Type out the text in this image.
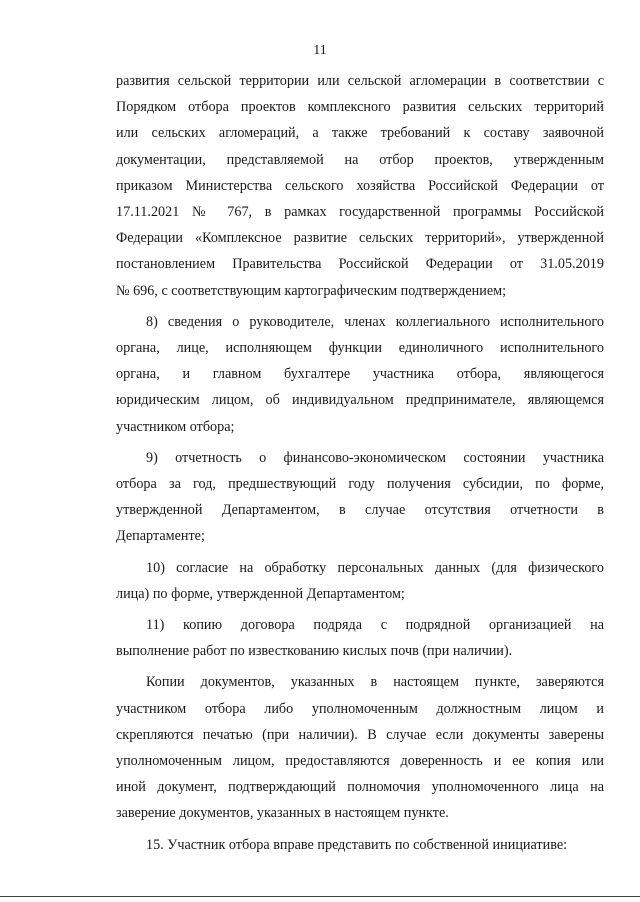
11

развития сельской территории или сельской агломерации в соответствии с
Порядком отбора проектов комплексного развития сельских территорий
или сельских агломераций, а также требований к составу заявочной
документации, представляемой на отбор проектов, утвержденным
приказом Министерства сельского хозяйства Российской Федерации от
17.11.2021 № 767, в рамках государственной программы Российской
Федерации «Комплексное развитие сельских территорий», утвержденной
постановлением Правительства Российской Федерации от 31.05.2019
№ 696, с соответствующим картографическим подтверждением;

8) сведения о руководителе, членах коллегиального исполнительного
органа, лице, исполняющем функции единоличного исполнительного
органа, и главном бухгалтере участника отбора, являющегося
юридическим лицом, об индивидуальном предпринимателе, являющемся
участником отбора;

9) отчетность о финансово-экономическом состоянии участника
отбора за год, предшествующий году получения субсидии, по форме,
утвержденной Департаментом, в случае отсутствия отчетности в
Департаменте;

10) согласие на обработку персональных данных (для физического
лица) по форме, утвержденной Департаментом;

11) копию договора подряда с подрядной организацией на
выполнение работ по известкованию кислых почв (при наличии).

Копии документов, указанных в настоящем пункте, заверяются
участником отбора либо уполномоченным должностным лицом и
скрепляются печатью (при наличии). В случае если документы заверены
уполномоченным лицом, предоставляются доверенность и ее копия или
иной документ, подтверждающий полномочия уполномоченного лица на
заверение документов, указанных в настоящем пункте.

15. Участник отбора вправе представить по собственной инициативе:
